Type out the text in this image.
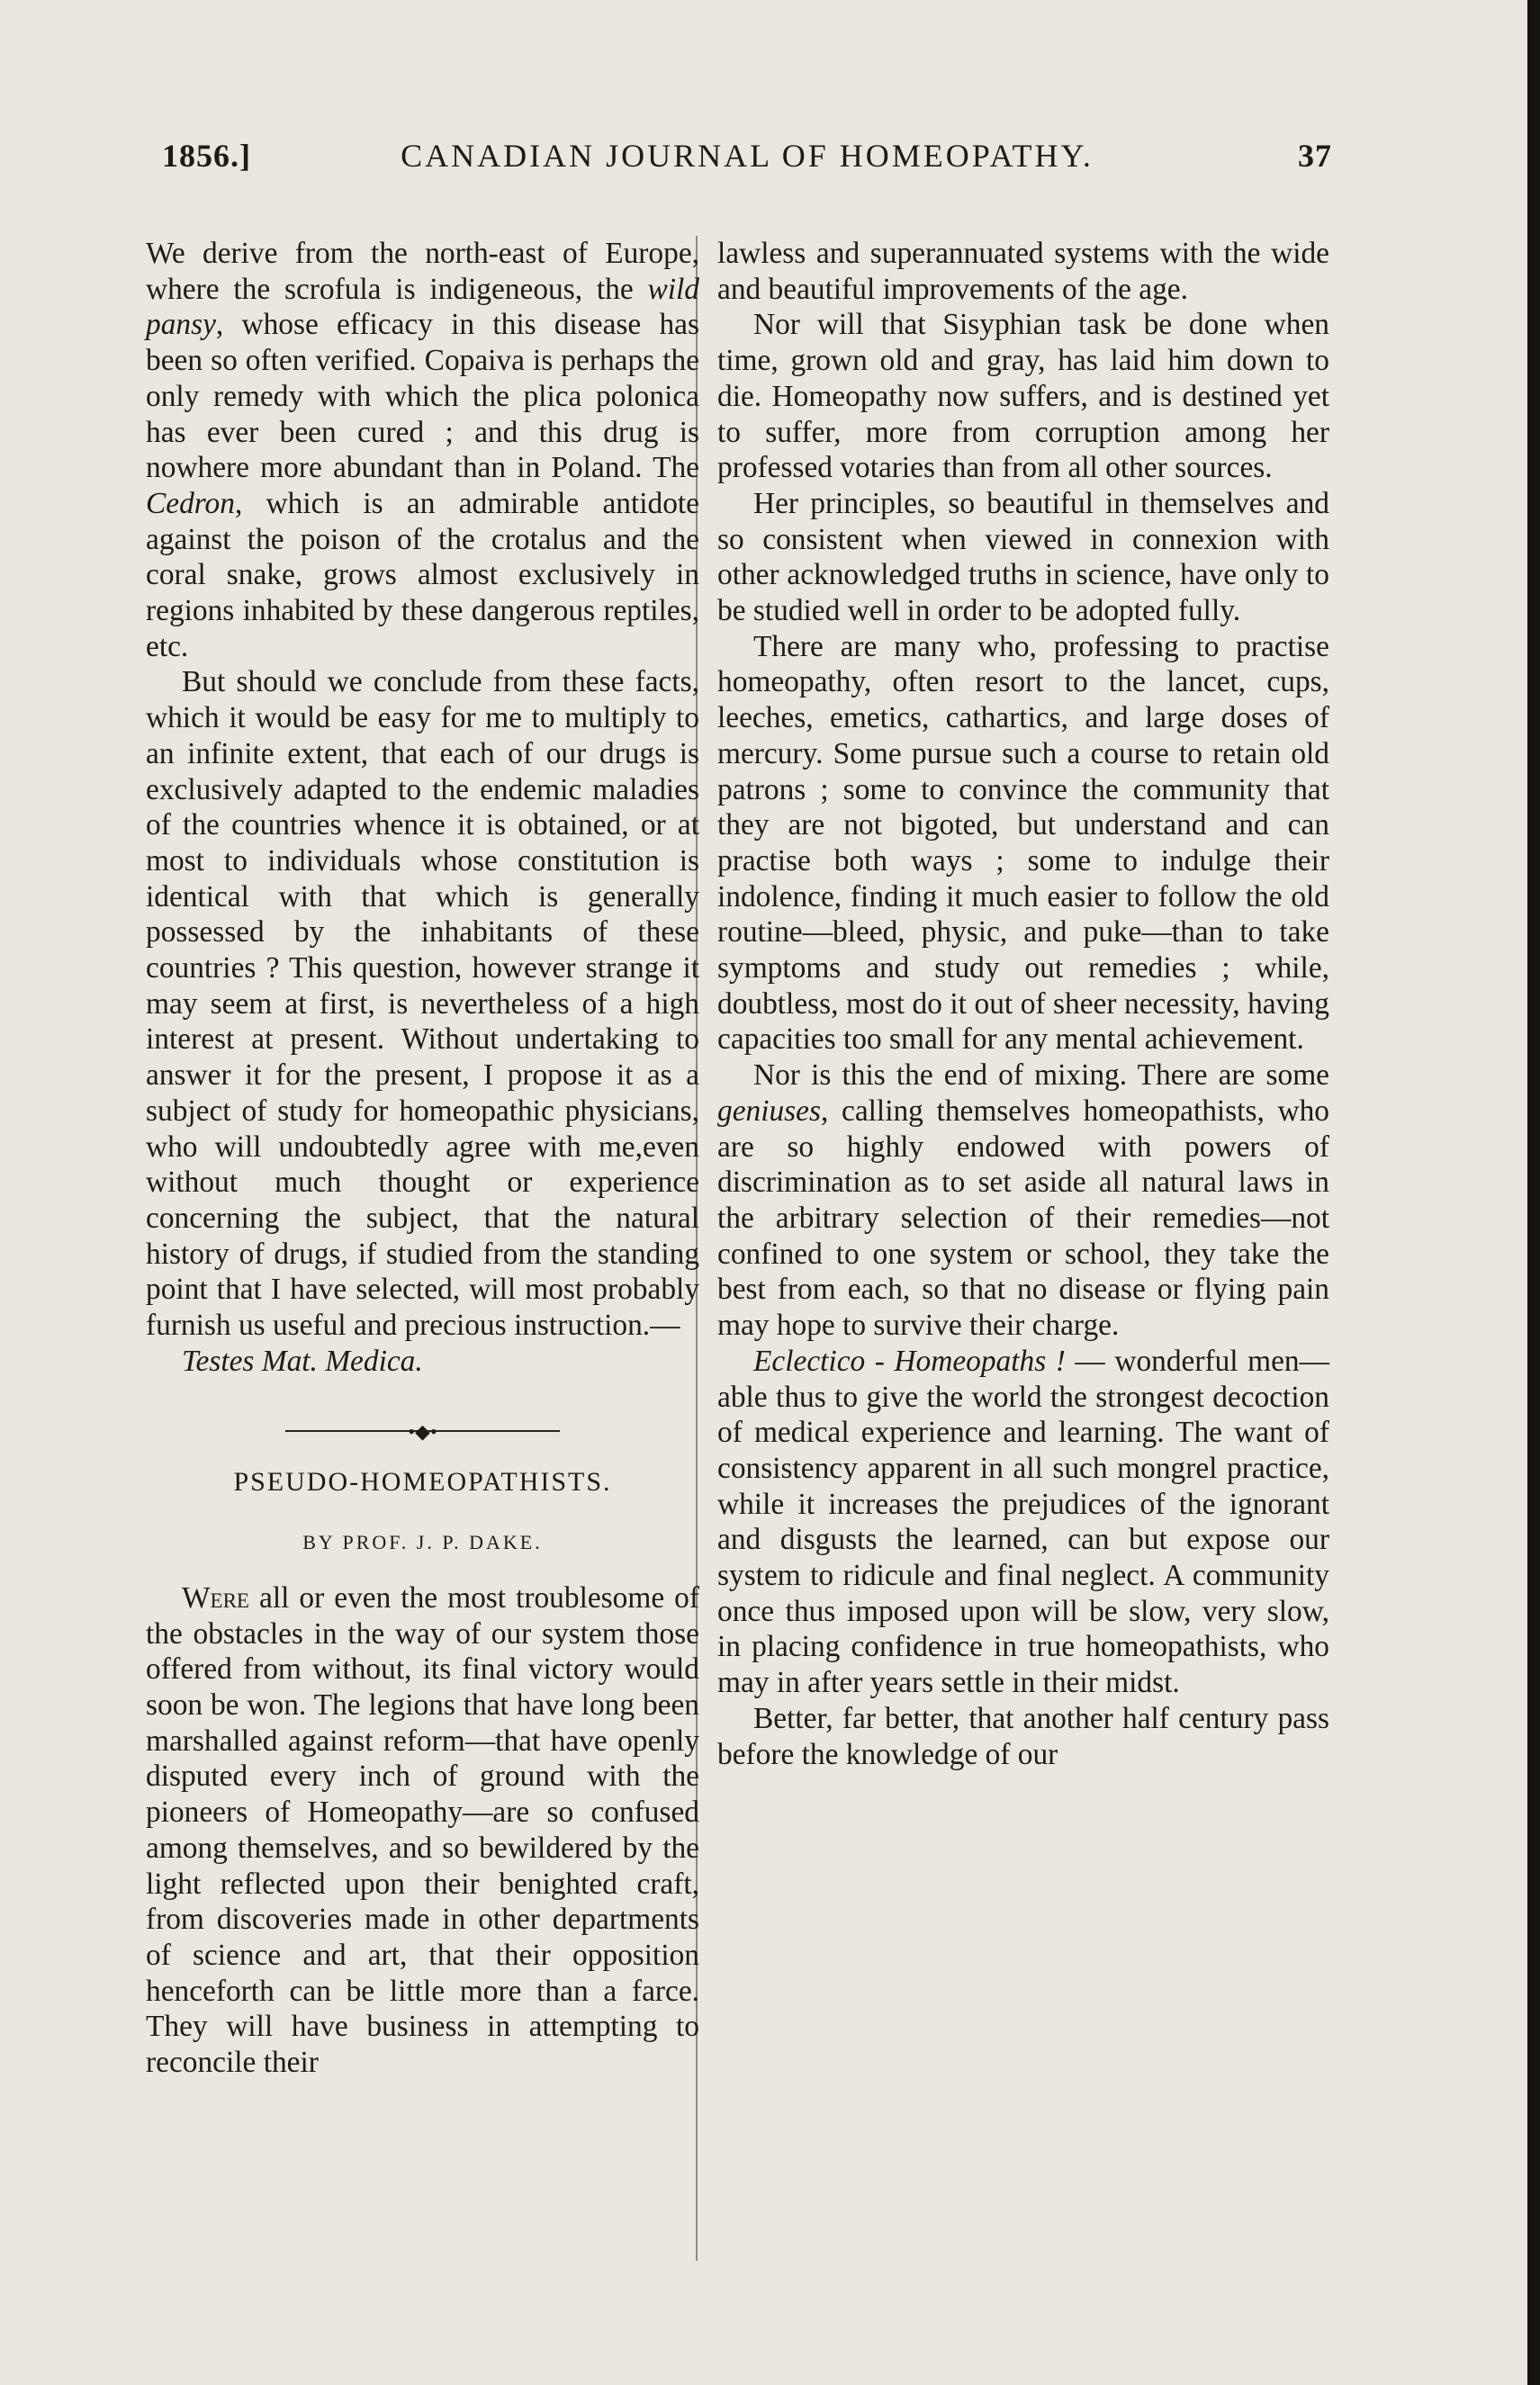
1856.]	CANADIAN JOURNAL OF HOMEOPATHY.	37

We derive from the north-east of Europe, where the scrofula is indigeneous, the wild pansy, whose efficacy in this disease has been so often verified. Copaiva is perhaps the only remedy with which the plica polonica has ever been cured ; and this drug is nowhere more abundant than in Poland. The Cedron, which is an admirable antidote against the poison of the crotalus and the coral snake, grows almost exclusively in regions inhabited by these dangerous reptiles, etc.

But should we conclude from these facts, which it would be easy for me to multiply to an infinite extent, that each of our drugs is exclusively adapted to the endemic maladies of the countries whence it is obtained, or at most to individuals whose constitution is identical with that which is generally possessed by the inhabitants of these countries ? This question, however strange it may seem at first, is nevertheless of a high interest at present. Without undertaking to answer it for the present, I propose it as a subject of study for homeopathic physicians, who will undoubtedly agree with me,even without much thought or experience concerning the subject, that the natural history of drugs, if studied from the standing point that I have selected, will most probably furnish us useful and precious instruction.—

Testes Mat. Medica.

•◆•
PSEUDO-HOMEOPATHISTS.
BY PROF. J. P. DAKE.

Were all or even the most troublesome of the obstacles in the way of our system those offered from without, its final victory would soon be won. The legions that have long been marshalled against reform—that have openly disputed every inch of ground with the pioneers of Homeopathy—are so confused among themselves, and so bewildered by the light reflected upon their benighted craft, from discoveries made in other departments of science and art, that their opposition henceforth can be little more than a farce. They will have business in attempting to reconcile their

lawless and superannuated systems with the wide and beautiful improvements of the age.

Nor will that Sisyphian task be done when time, grown old and gray, has laid him down to die. Homeopathy now suffers, and is destined yet to suffer, more from corruption among her professed votaries than from all other sources.

Her principles, so beautiful in themselves and so consistent when viewed in connexion with other acknowledged truths in science, have only to be studied well in order to be adopted fully.

There are many who, professing to practise homeopathy, often resort to the lancet, cups, leeches, emetics, cathartics, and large doses of mercury. Some pursue such a course to retain old patrons ; some to convince the community that they are not bigoted, but understand and can practise both ways ; some to indulge their indolence, finding it much easier to follow the old routine—bleed, physic, and puke—than to take symptoms and study out remedies ; while, doubtless, most do it out of sheer necessity, having capacities too small for any mental achievement.

Nor is this the end of mixing. There are some geniuses, calling themselves homeopathists, who are so highly endowed with powers of discrimination as to set aside all natural laws in the arbitrary selection of their remedies—not confined to one system or school, they take the best from each, so that no disease or flying pain may hope to survive their charge.

Eclectico - Homeopaths ! — wonderful men—able thus to give the world the strongest decoction of medical experience and learning. The want of consistency apparent in all such mongrel practice, while it increases the prejudices of the ignorant and disgusts the learned, can but expose our system to ridicule and final neglect. A community once thus imposed upon will be slow, very slow, in placing confidence in true homeopathists, who may in after years settle in their midst.

Better, far better, that another half century pass before the knowledge of our
